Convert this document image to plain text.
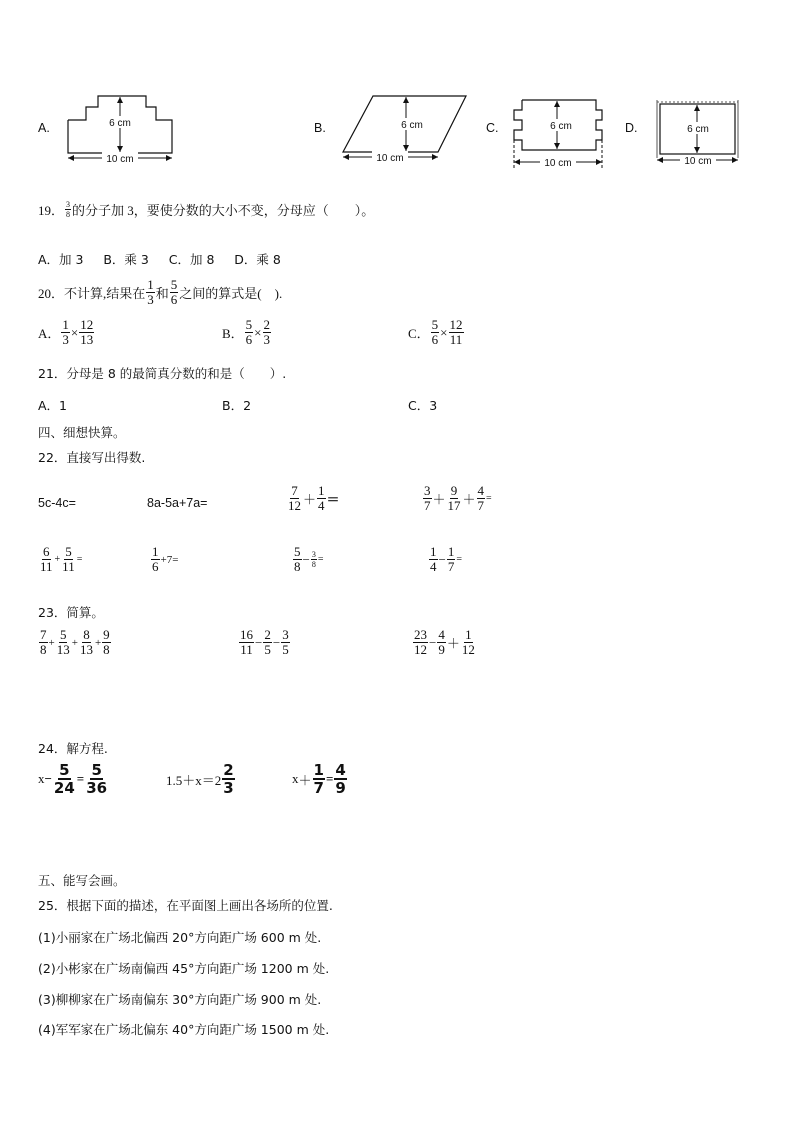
A.	6 cm
10 cm
B.	6 cm
10 cm
C.	6 cm
10 cm
D.	6 cm
10 cm
19． $\frac{3}{8}$ 的分子加 3，要使分数的大小不变，分母应（　　）。
A．加 3 B．乘 3 C．加 8 D．乘 8
20． 不计算,结果在 $\frac{1}{3}$ 和 $\frac{5}{6}$ 之间的算式是(　).
A． $\frac{1}{3} \times \frac{12}{13}$	B． $\frac{5}{6} \times \frac{2}{3}$	C． $\frac{5}{6} \times \frac{12}{11}$
21．分母是 8 的最简真分数的和是（　　）.
A．1	B．2	C．3
四、细想快算。
22．直接写出得数.
5c-4c=	8a-5a+7a=	$\frac{7}{12} + \frac{1}{4}$ ＝	$\frac{3}{7} + \frac{9}{17} + \frac{4}{7}$ =
$\frac{6}{11} + \frac{5}{11}$ =	$\frac{1}{6} +7=$	$\frac{5}{8} - \frac{3}{8}$ =	$\frac{1}{4} - \frac{1}{7}$ =
23．简算。
$\frac{7}{8} + \frac{5}{13} + \frac{8}{13} + \frac{9}{8}$	$\frac{16}{11} - \frac{2}{5} - \frac{3}{5}$	$\frac{23}{12} - \frac{4}{9} + \frac{1}{12}$
24．解方程.
$x - \frac{5}{24} = \frac{5}{36}$	$1.5+x=2 \frac{2}{3}$	$x + \frac{1}{7} = \frac{4}{9}$
五、能写会画。
25．根据下面的描述，在平面图上画出各场所的位置.
(1)小丽家在广场北偏西 20°方向距广场 600 m 处.
(2)小彬家在广场南偏西 45°方向距广场 1200 m 处.
(3)柳柳家在广场南偏东 30°方向距广场 900 m 处.
(4)军军家在广场北偏东 40°方向距广场 1500 m 处.
